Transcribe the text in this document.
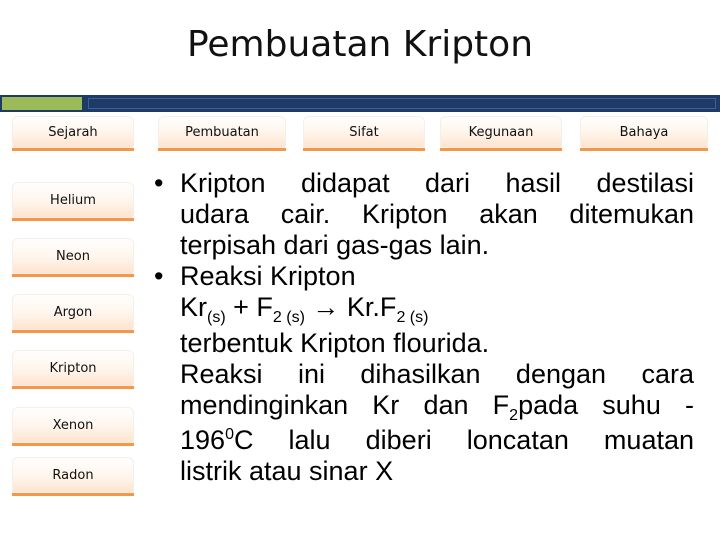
Pembuatan Kripton
Sejarah	Pembuatan	Sifat	Kegunaan	Bahaya
Helium
Neon
Argon
Kripton
Xenon
Radon
• Kripton didapat dari hasil destilasi
udara cair. Kripton akan ditemukan
terpisah dari gas-gas lain.
• Reaksi Kripton
$Kr_{(s)} + F_{2 (s)} \to Kr.F_{2 (s)}$
terbentuk Kripton flourida.
Reaksi ini dihasilkan dengan cara
mendinginkan Kr dan $F_2pada$ suhu -
$196^0C$ lalu diberi loncatan muatan
listrik atau sinar X
